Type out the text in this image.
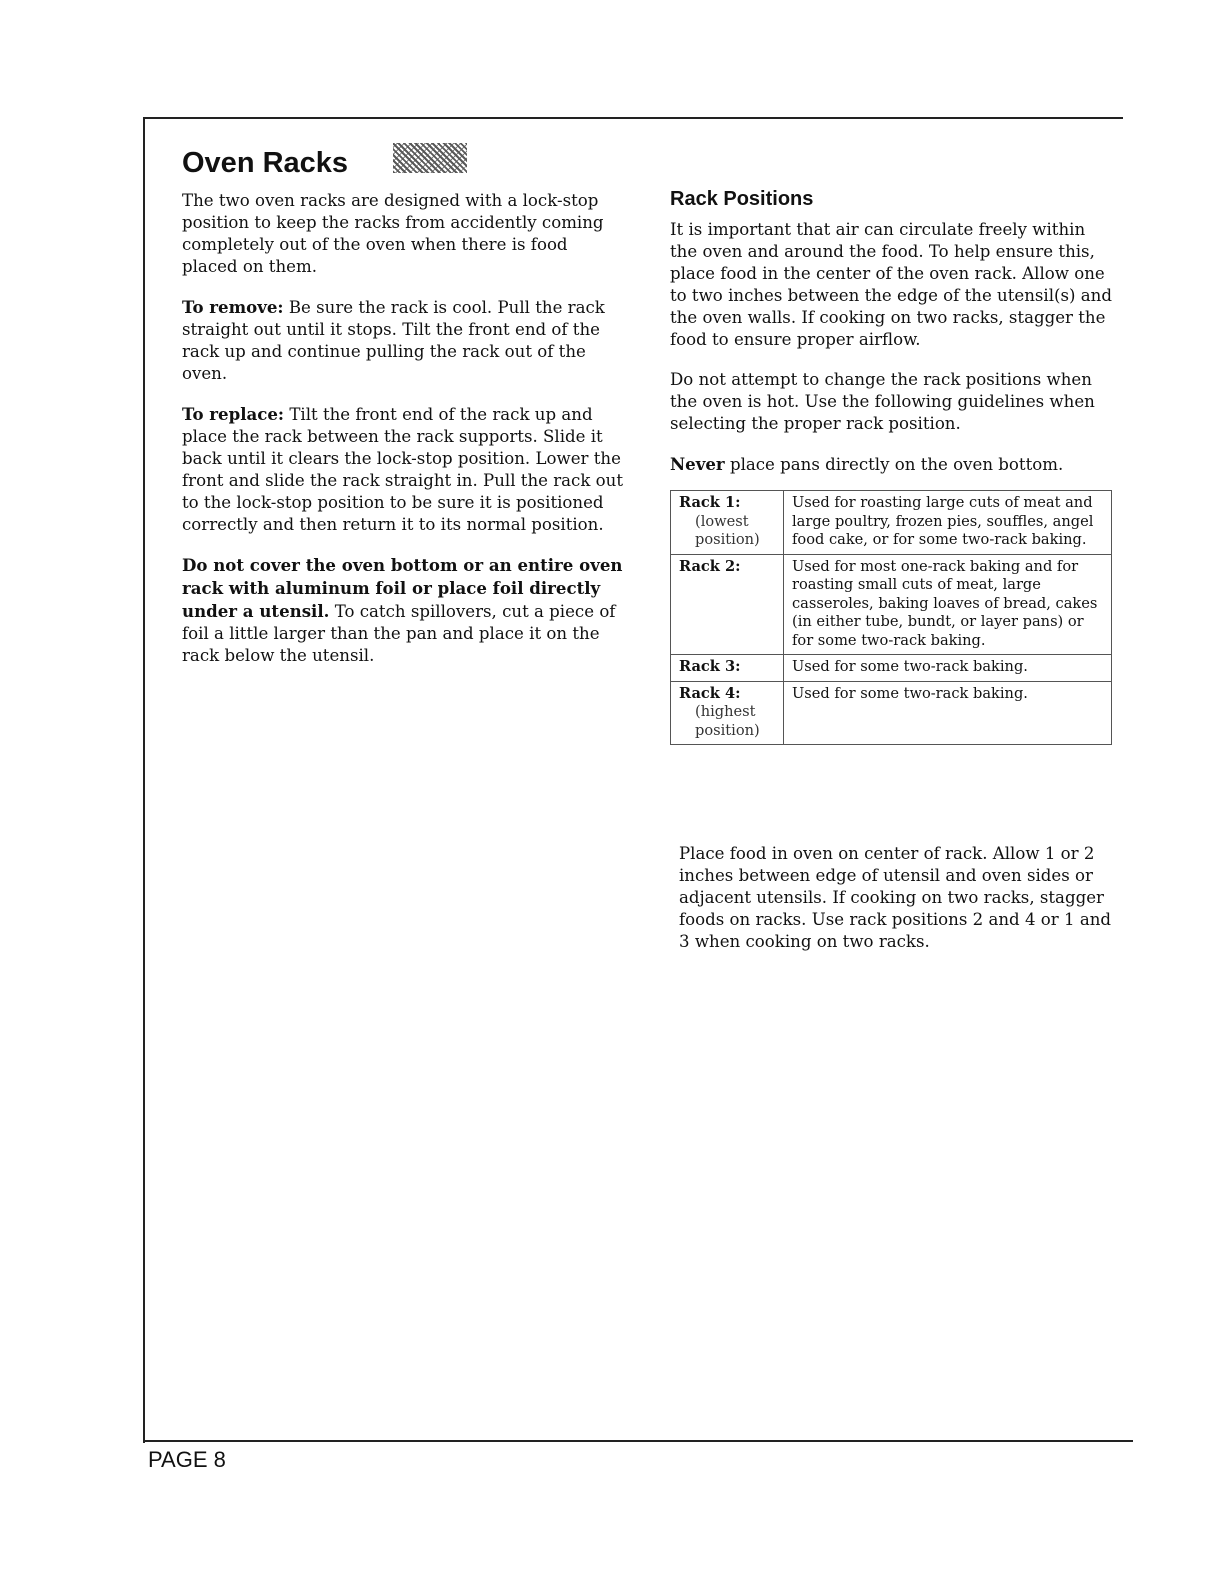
Oven Racks

The two oven racks are designed with a lock-stop position to keep the racks from accidently coming completely out of the oven when there is food placed on them.

To remove: Be sure the rack is cool. Pull the rack straight out until it stops. Tilt the front end of the rack up and continue pulling the rack out of the oven.

To replace: Tilt the front end of the rack up and place the rack between the rack supports. Slide it back until it clears the lock-stop position. Lower the front and slide the rack straight in. Pull the rack out to the lock-stop position to be sure it is positioned correctly and then return it to its normal position.

Do not cover the oven bottom or an entire oven rack with aluminum foil or place foil directly under a utensil. To catch spillovers, cut a piece of foil a little larger than the pan and place it on the rack below the utensil.

Rack Positions

It is important that air can circulate freely within the oven and around the food. To help ensure this, place food in the center of the oven rack. Allow one to two inches between the edge of the utensil(s) and the oven walls. If cooking on two racks, stagger the food to ensure proper airflow.

Do not attempt to change the rack positions when the oven is hot. Use the following guidelines when selecting the proper rack position.

Never place pans directly on the oven bottom.

Rack 1:
(lowest position)	Used for roasting large cuts of meat and large poultry, frozen pies, souffles, angel food cake, or for some two-rack baking.
Rack 2:	Used for most one-rack baking and for roasting small cuts of meat, large casseroles, baking loaves of bread, cakes (in either tube, bundt, or layer pans) or for some two-rack baking.
Rack 3:	Used for some two-rack baking.
Rack 4:
(highest position)	Used for some two-rack baking.

Place food in oven on center of rack. Allow 1 or 2 inches between edge of utensil and oven sides or adjacent utensils. If cooking on two racks, stagger foods on racks. Use rack positions 2 and 4 or 1 and 3 when cooking on two racks.

PAGE 8
